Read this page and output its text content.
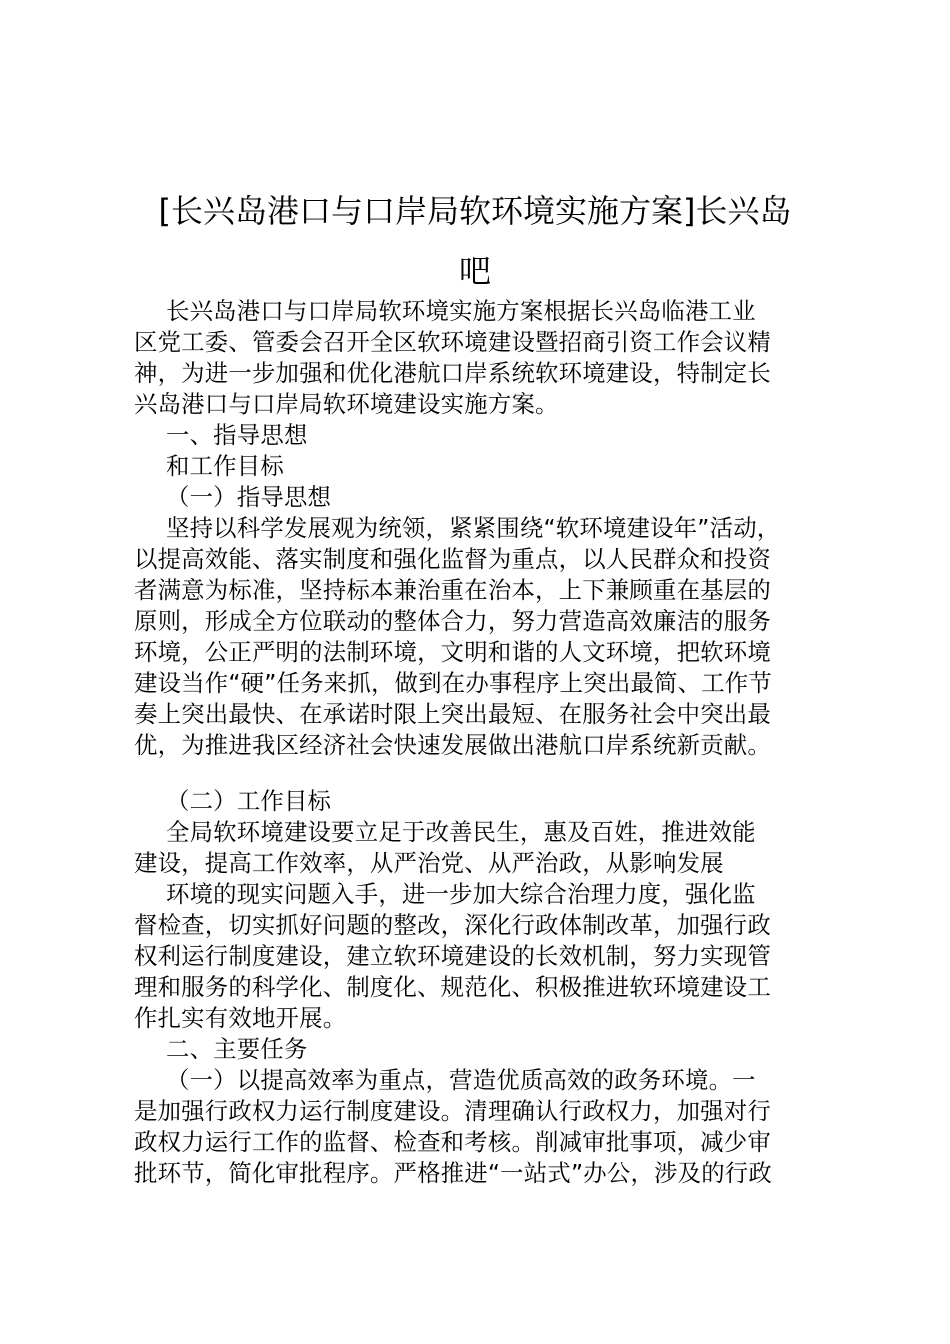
[长兴岛港口与口岸局软环境实施方案]长兴岛
吧
长兴岛港口与口岸局软环境实施方案根据长兴岛临港工业
区党工委、管委会召开全区软环境建设暨招商引资工作会议精
神，为进一步加强和优化港航口岸系统软环境建设，特制定长
兴岛港口与口岸局软环境建设实施方案。
一、指导思想
和工作目标
（一）指导思想
坚持以科学发展观为统领，紧紧围绕“软环境建设年”活动，
以提高效能、落实制度和强化监督为重点，以人民群众和投资
者满意为标准，坚持标本兼治重在治本，上下兼顾重在基层的
原则，形成全方位联动的整体合力，努力营造高效廉洁的服务
环境，公正严明的法制环境，文明和谐的人文环境，把软环境
建设当作“硬”任务来抓，做到在办事程序上突出最简、工作节
奏上突出最快、在承诺时限上突出最短、在服务社会中突出最
优，为推进我区经济社会快速发展做出港航口岸系统新贡献。
（二）工作目标
全局软环境建设要立足于改善民生，惠及百姓，推进效能
建设，提高工作效率，从严治党、从严治政，从影响发展
环境的现实问题入手，进一步加大综合治理力度，强化监
督检查，切实抓好问题的整改，深化行政体制改革，加强行政
权利运行制度建设，建立软环境建设的长效机制，努力实现管
理和服务的科学化、制度化、规范化、积极推进软环境建设工
作扎实有效地开展。
二、主要任务
（一）以提高效率为重点，营造优质高效的政务环境。一
是加强行政权力运行制度建设。清理确认行政权力，加强对行
政权力运行工作的监督、检查和考核。削减审批事项，减少审
批环节，简化审批程序。严格推进“一站式”办公，涉及的行政
